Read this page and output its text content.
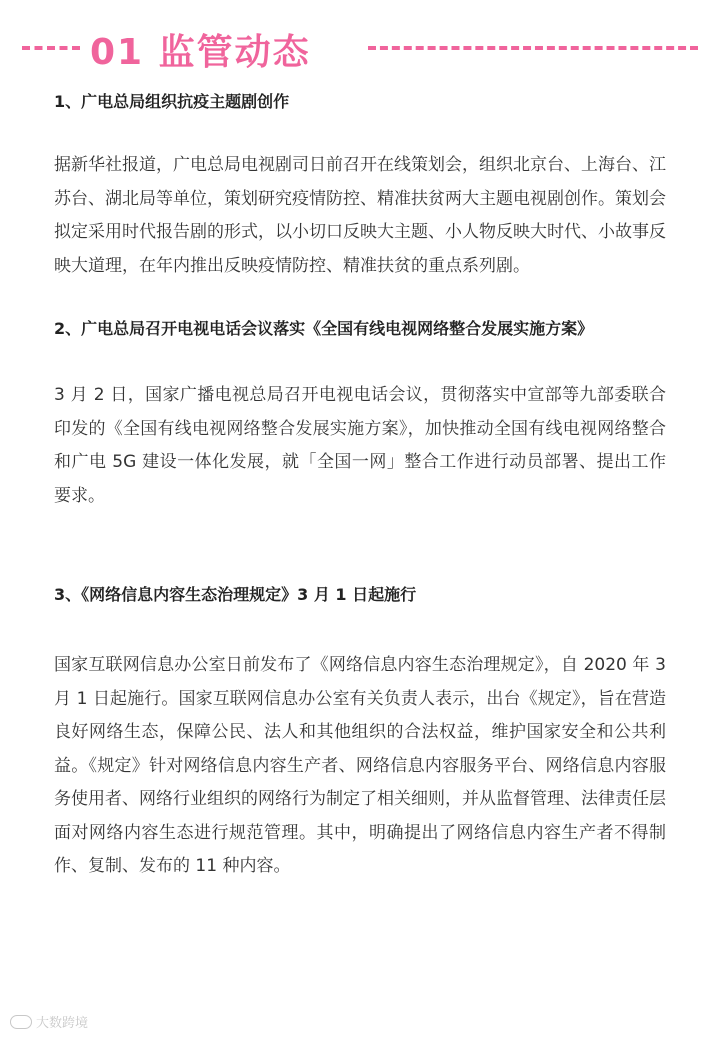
01 监管动态

1、广电总局组织抗疫主题剧创作

据新华社报道，广电总局电视剧司日前召开在线策划会，组织北京台、上海台、江苏台、湖北局等单位，策划研究疫情防控、精准扶贫两大主题电视剧创作。策划会拟定采用时代报告剧的形式，以小切口反映大主题、小人物反映大时代、小故事反映大道理，在年内推出反映疫情防控、精准扶贫的重点系列剧。

2、广电总局召开电视电话会议落实《全国有线电视网络整合发展实施方案》

3 月 2 日，国家广播电视总局召开电视电话会议，贯彻落实中宣部等九部委联合印发的《全国有线电视网络整合发展实施方案》，加快推动全国有线电视网络整合和广电 5G 建设一体化发展，就「全国一网」整合工作进行动员部署、提出工作要求。

3、《网络信息内容生态治理规定》3 月 1 日起施行

国家互联网信息办公室日前发布了《网络信息内容生态治理规定》，自 2020 年 3 月 1 日起施行。国家互联网信息办公室有关负责人表示，出台《规定》，旨在营造良好网络生态，保障公民、法人和其他组织的合法权益，维护国家安全和公共利益。《规定》针对网络信息内容生产者、网络信息内容服务平台、网络信息内容服务使用者、网络行业组织的网络行为制定了相关细则，并从监督管理、法律责任层面对网络内容生态进行规范管理。其中，明确提出了网络信息内容生产者不得制作、复制、发布的 11 种内容。

大数跨境
